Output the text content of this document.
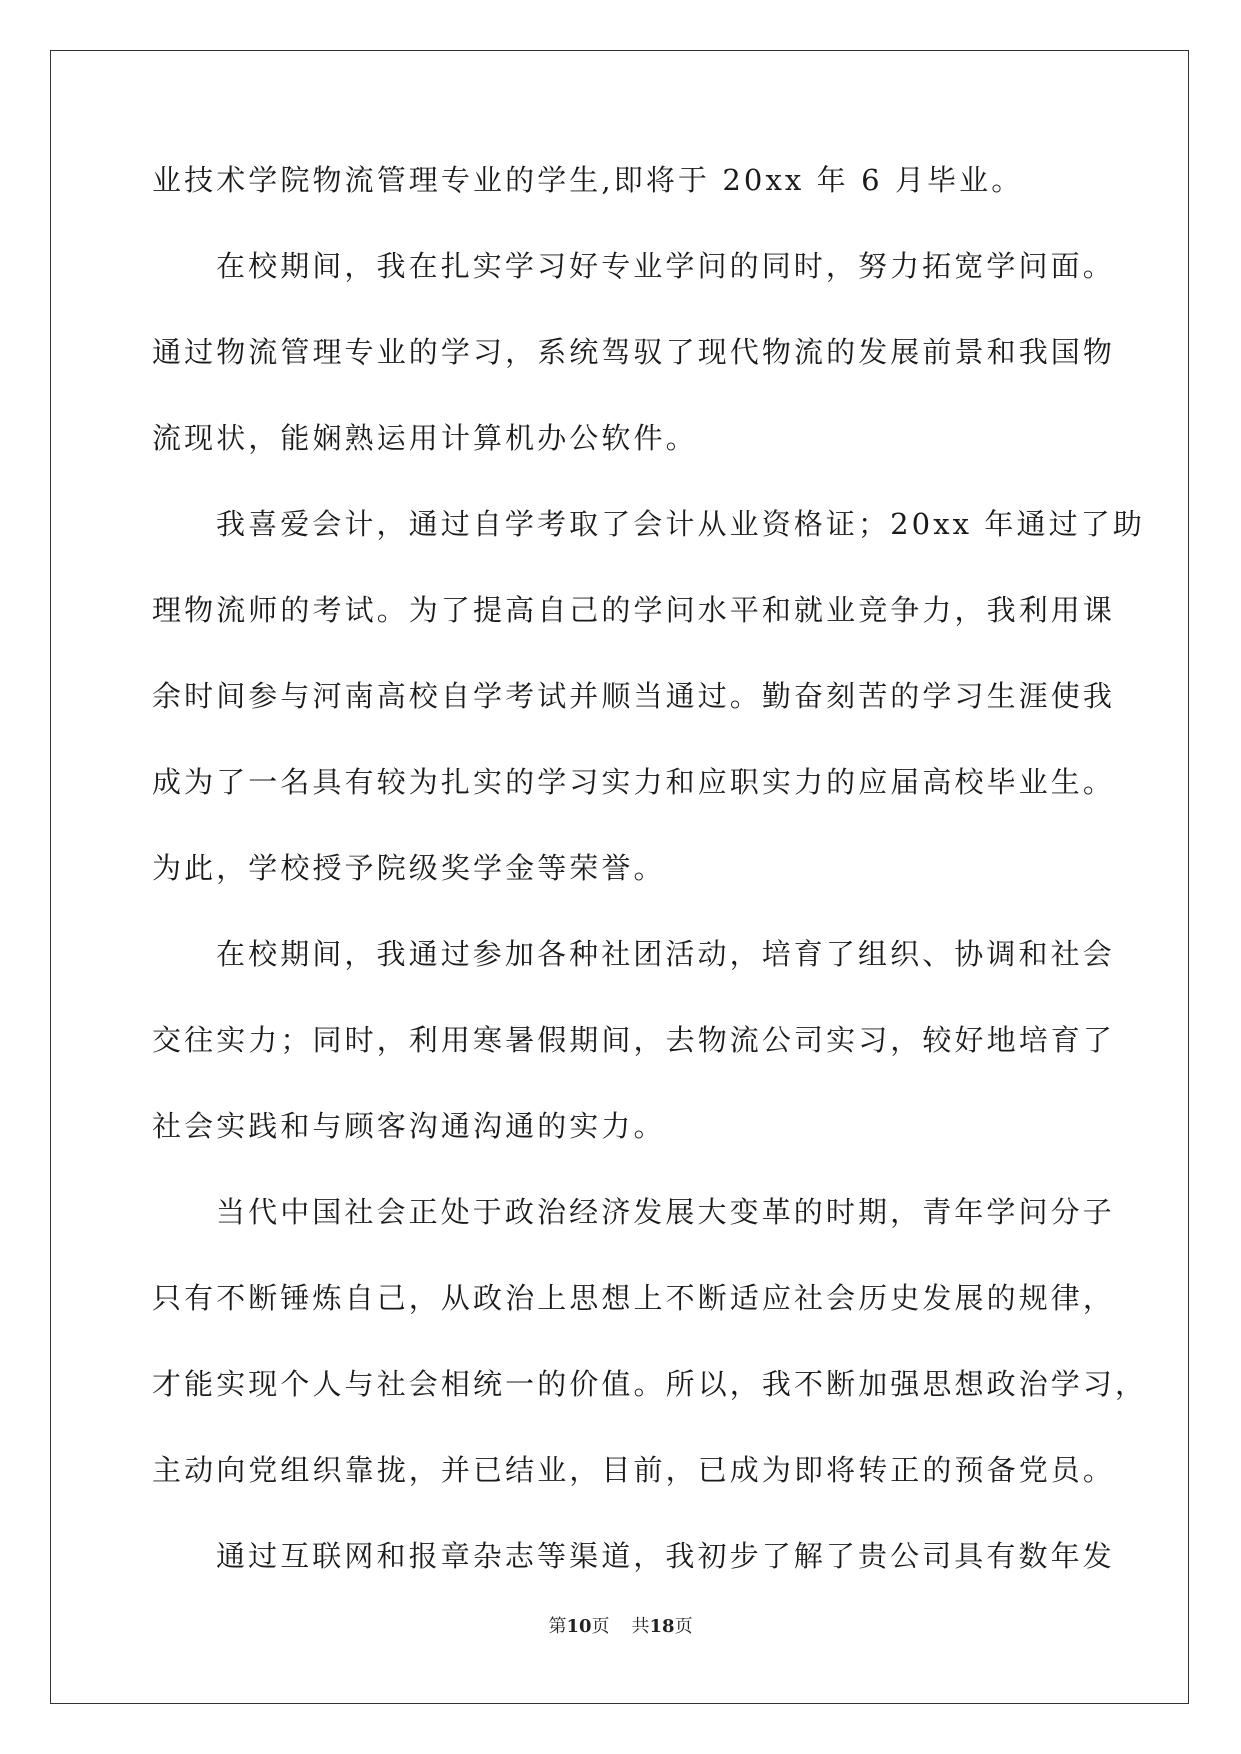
业技术学院物流管理专业的学生,即将于 20xx 年 6 月毕业。
在校期间，我在扎实学习好专业学问的同时，努力拓宽学问面。
通过物流管理专业的学习，系统驾驭了现代物流的发展前景和我国物
流现状，能娴熟运用计算机办公软件。
我喜爱会计，通过自学考取了会计从业资格证；20xx 年通过了助
理物流师的考试。为了提高自己的学问水平和就业竞争力，我利用课
余时间参与河南高校自学考试并顺当通过。勤奋刻苦的学习生涯使我
成为了一名具有较为扎实的学习实力和应职实力的应届高校毕业生。
为此，学校授予院级奖学金等荣誉。
在校期间，我通过参加各种社团活动，培育了组织、协调和社会
交往实力；同时，利用寒暑假期间，去物流公司实习，较好地培育了
社会实践和与顾客沟通沟通的实力。
当代中国社会正处于政治经济发展大变革的时期，青年学问分子
只有不断锤炼自己，从政治上思想上不断适应社会历史发展的规律，
才能实现个人与社会相统一的价值。所以，我不断加强思想政治学习，
主动向党组织靠拢，并已结业，目前，已成为即将转正的预备党员。
通过互联网和报章杂志等渠道，我初步了解了贵公司具有数年发
第10页 共18页
